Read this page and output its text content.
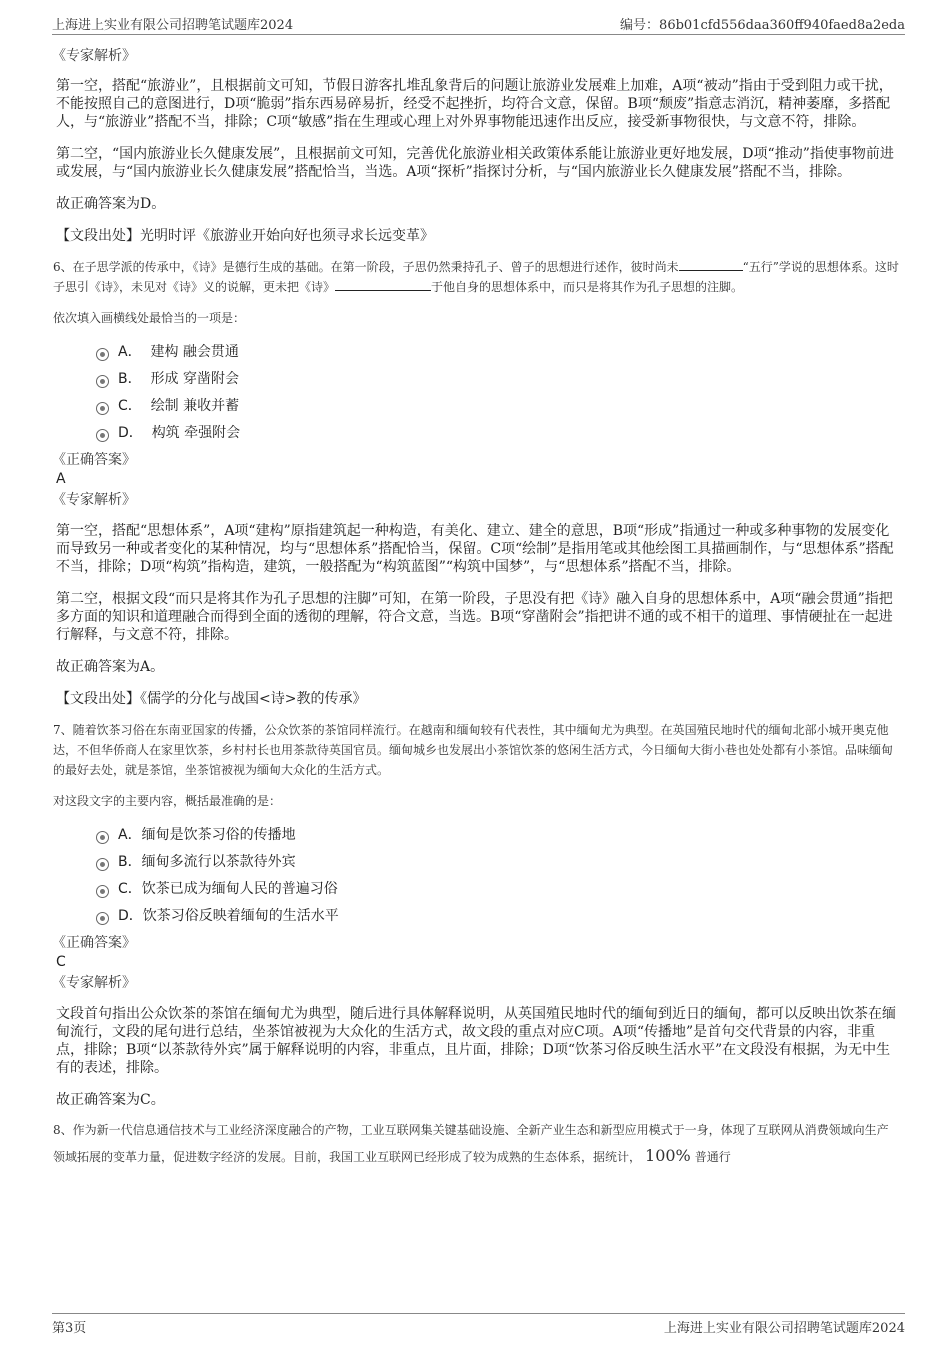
上海进上实业有限公司招聘笔试题库2024	编号：86b01cfd556daa360ff940faed8a2eda

《专家解析》

第一空，搭配“旅游业”，且根据前文可知，节假日游客扎堆乱象背后的问题让旅游业发展难上加难，A项“被动”指由于受到阻力或干扰，不能按照自己的意图进行，D项“脆弱”指东西易碎易折，经受不起挫折，均符合文意，保留。B项“颓废”指意志消沉，精神萎靡，多搭配人，与“旅游业”搭配不当，排除；C项“敏感”指在生理或心理上对外界事物能迅速作出反应，接受新事物很快，与文意不符，排除。

第二空，“国内旅游业长久健康发展”，且根据前文可知，完善优化旅游业相关政策体系能让旅游业更好地发展，D项“推动”指使事物前进或发展，与“国内旅游业长久健康发展”搭配恰当，当选。A项“探析”指探讨分析，与“国内旅游业长久健康发展”搭配不当，排除。

故正确答案为D。

【文段出处】光明时评《旅游业开始向好也须寻求长远变革》

6、在子思学派的传承中，《诗》是德行生成的基础。在第一阶段，子思仍然秉持孔子、曾子的思想进行述作，彼时尚未	“五行”学说的思想体系。这时子思引《诗》，未见对《诗》义的说解，更未把《诗》	于他自身的思想体系中，而只是将其作为孔子思想的注脚。

依次填入画横线处最恰当的一项是：

A． 建构 融会贯通
B． 形成 穿凿附会
C． 绘制 兼收并蓄
D． 构筑 牵强附会

《正确答案》

A

《专家解析》

第一空，搭配“思想体系”，A项“建构”原指建筑起一种构造，有美化、建立、建全的意思，B项“形成”指通过一种或多种事物的发展变化而导致另一种或者变化的某种情况，均与“思想体系”搭配恰当，保留。C项“绘制”是指用笔或其他绘图工具描画制作，与“思想体系”搭配不当，排除；D项“构筑”指构造，建筑，一般搭配为“构筑蓝图”“构筑中国梦”，与“思想体系”搭配不当，排除。

第二空，根据文段“而只是将其作为孔子思想的注脚”可知，在第一阶段，子思没有把《诗》融入自身的思想体系中，A项“融会贯通”指把多方面的知识和道理融合而得到全面的透彻的理解，符合文意，当选。B项“穿凿附会”指把讲不通的或不相干的道理、事情硬扯在一起进行解释，与文意不符，排除。

故正确答案为A。

【文段出处】《儒学的分化与战国<诗>教的传承》

7、随着饮茶习俗在东南亚国家的传播，公众饮茶的茶馆同样流行。在越南和缅甸较有代表性，其中缅甸尤为典型。在英国殖民地时代的缅甸北部小城开奥克他达，不但华侨商人在家里饮茶，乡村村长也用茶款待英国官员。缅甸城乡也发展出小茶馆饮茶的悠闲生活方式，今日缅甸大街小巷也处处都有小茶馆。品味缅甸的最好去处，就是茶馆，坐茶馆被视为缅甸大众化的生活方式。

对这段文字的主要内容，概括最准确的是：

A．缅甸是饮茶习俗的传播地
B．缅甸多流行以茶款待外宾
C．饮茶已成为缅甸人民的普遍习俗
D．饮茶习俗反映着缅甸的生活水平

《正确答案》

C

《专家解析》

文段首句指出公众饮茶的茶馆在缅甸尤为典型，随后进行具体解释说明，从英国殖民地时代的缅甸到近日的缅甸，都可以反映出饮茶在缅甸流行，文段的尾句进行总结，坐茶馆被视为大众化的生活方式，故文段的重点对应C项。A项“传播地”是首句交代背景的内容，非重点，排除；B项“以茶款待外宾”属于解释说明的内容，非重点，且片面，排除；D项“饮茶习俗反映生活水平”在文段没有根据，为无中生有的表述，排除。

故正确答案为C。

8、作为新一代信息通信技术与工业经济深度融合的产物，工业互联网集关键基础设施、全新产业生态和新型应用模式于一身，体现了互联网从消费领域向生产领域拓展的变革力量，促进数字经济的发展。目前，我国工业互联网已经形成了较为成熟的生态体系，据统计， 100% 普通行

第3页	上海进上实业有限公司招聘笔试题库2024
